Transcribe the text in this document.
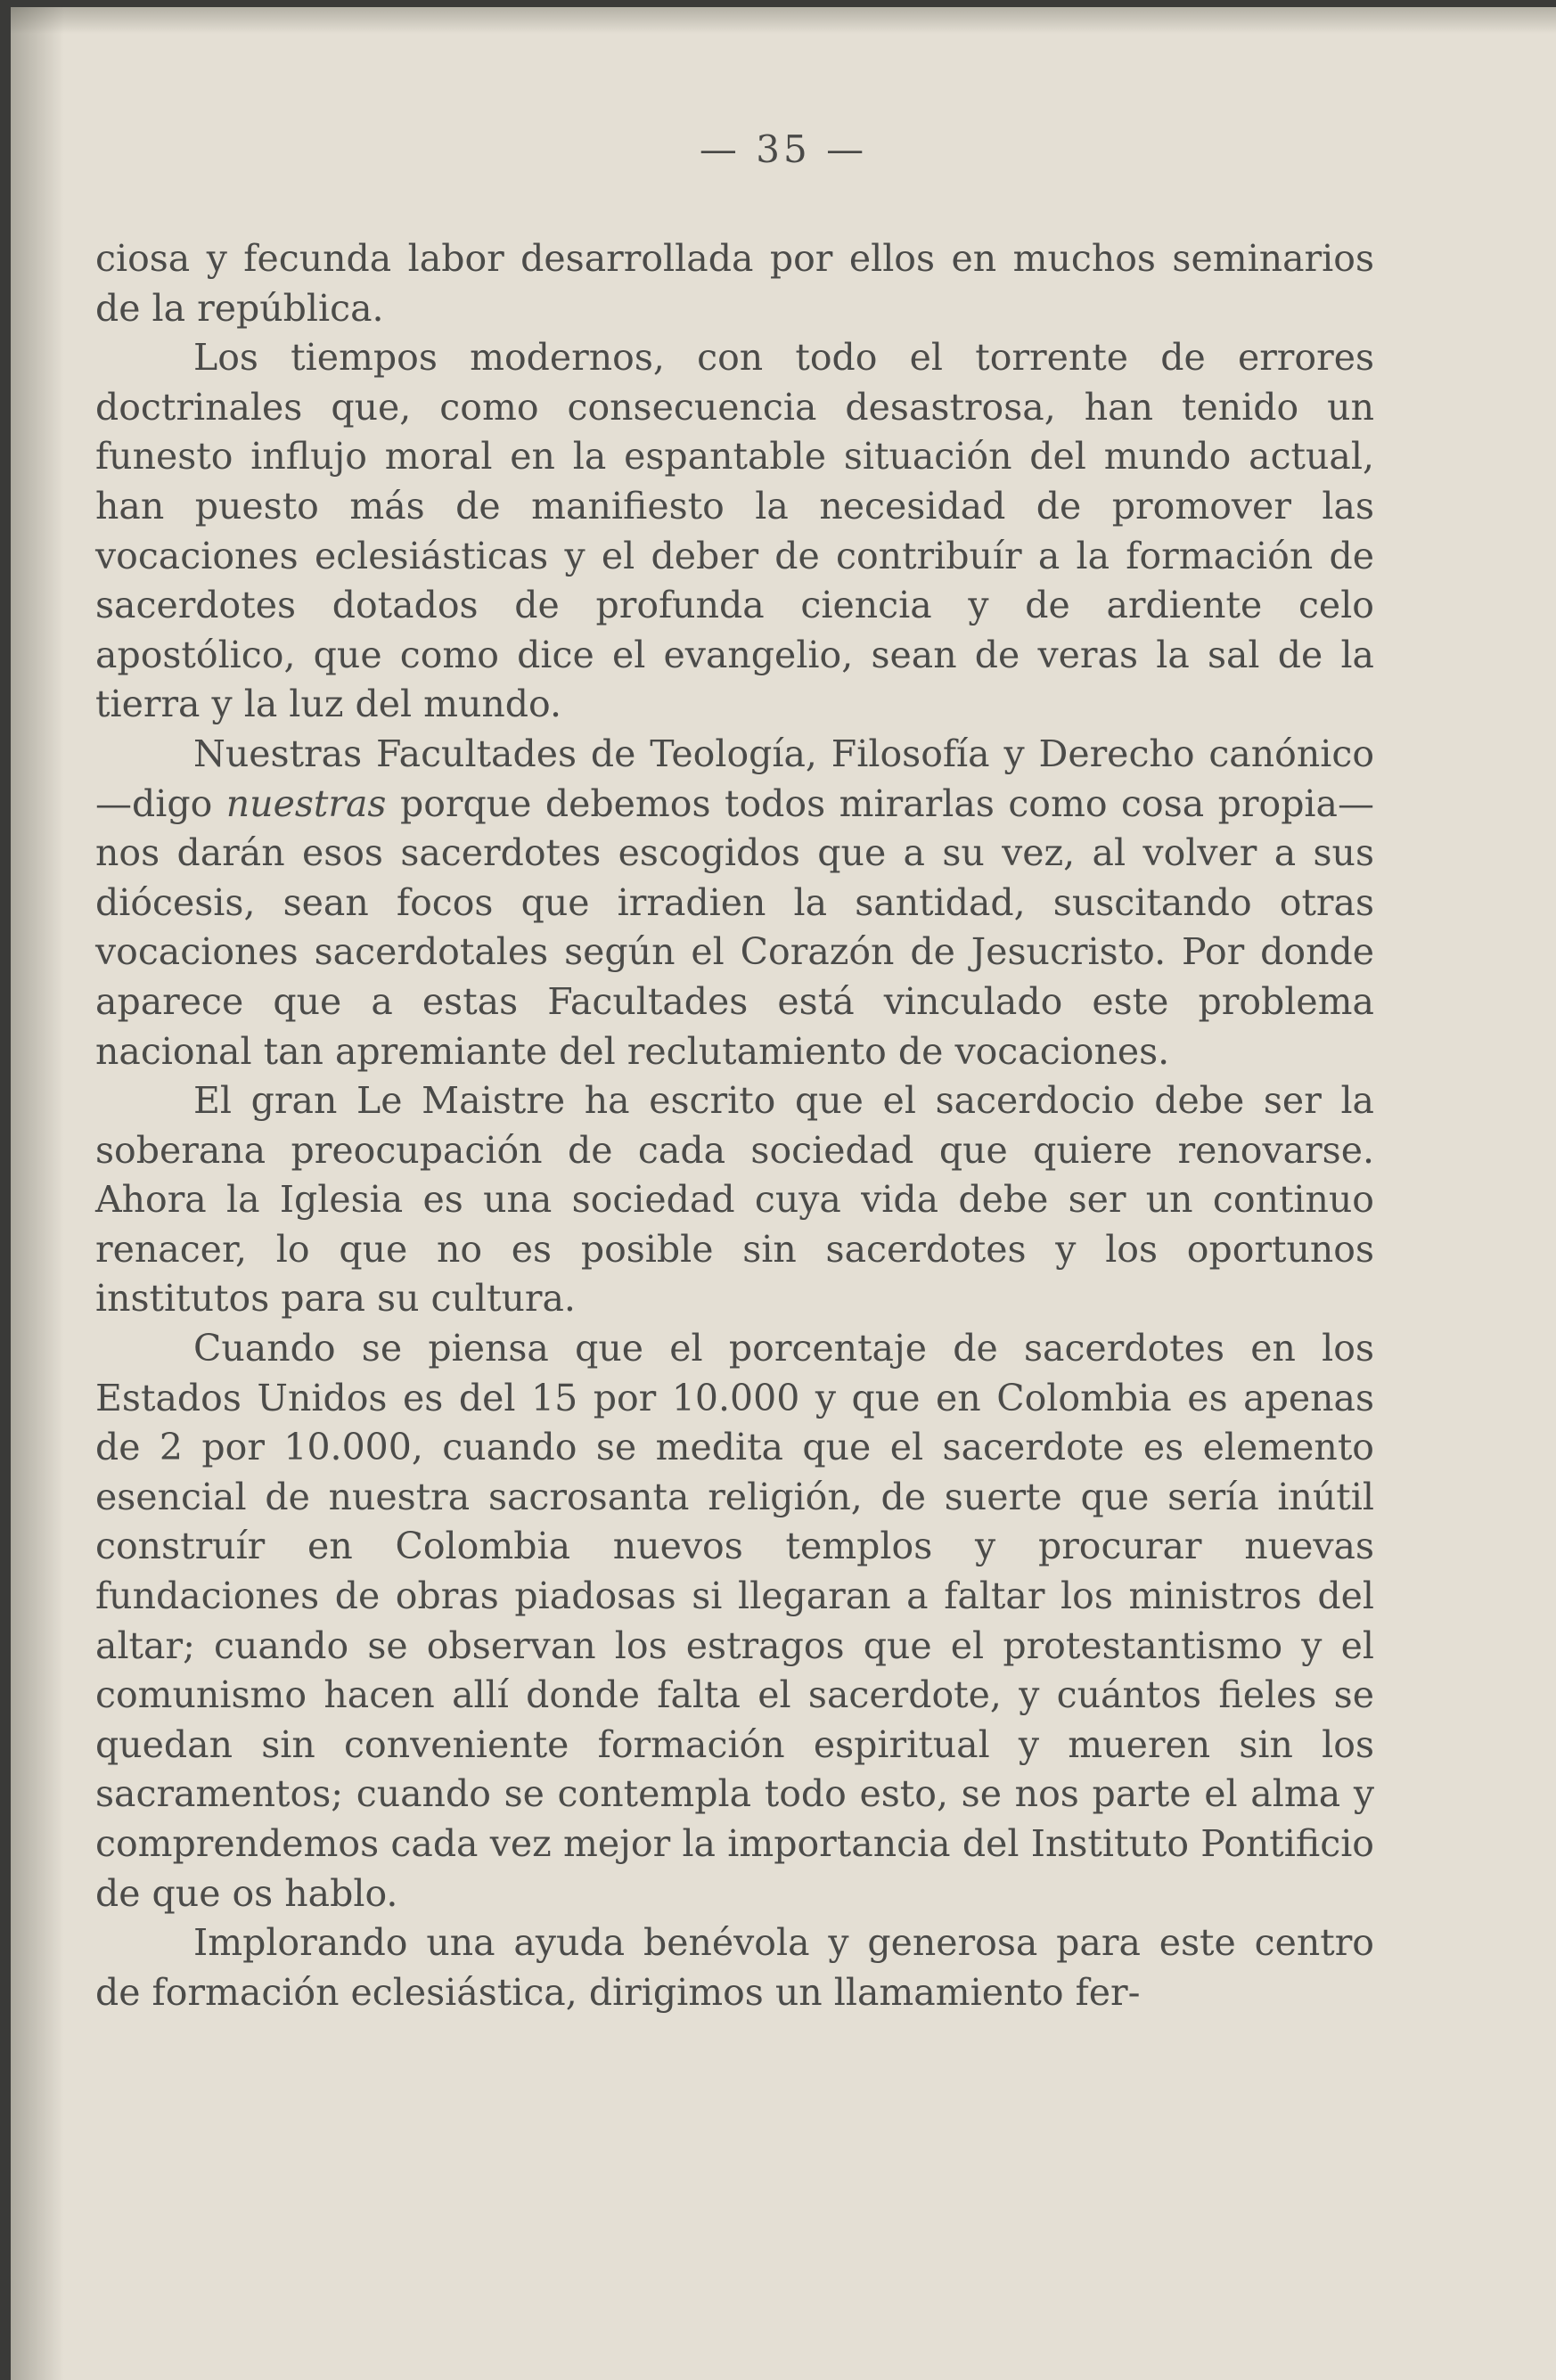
— 35 —

ciosa y fecunda labor desarrollada por ellos en muchos seminarios de la república.

Los tiempos modernos, con todo el torrente de errores doctrinales que, como consecuencia desastrosa, han tenido un funesto influjo moral en la espantable situación del mundo actual, han puesto más de manifiesto la necesidad de promover las vocaciones eclesiásticas y el deber de contribuír a la formación de sacerdotes dotados de profunda ciencia y de ardiente celo apostólico, que como dice el evangelio, sean de veras la sal de la tierra y la luz del mundo.

Nuestras Facultades de Teología, Filosofía y Derecho canónico —digo nuestras porque debemos todos mirarlas como cosa propia— nos darán esos sacerdotes escogidos que a su vez, al volver a sus diócesis, sean focos que irradien la santidad, suscitando otras vocaciones sacerdotales según el Corazón de Jesucristo. Por donde aparece que a estas Facultades está vinculado este problema nacional tan apremiante del reclutamiento de vocaciones.

El gran Le Maistre ha escrito que el sacerdocio debe ser la soberana preocupación de cada sociedad que quiere renovarse. Ahora la Iglesia es una sociedad cuya vida debe ser un continuo renacer, lo que no es posible sin sacerdotes y los oportunos institutos para su cultura.

Cuando se piensa que el porcentaje de sacerdotes en los Estados Unidos es del 15 por 10.000 y que en Colombia es apenas de 2 por 10.000, cuando se medita que el sacerdote es elemento esencial de nuestra sacrosanta religión, de suerte que sería inútil construír en Colombia nuevos templos y procurar nuevas fundaciones de obras piadosas si llegaran a faltar los ministros del altar; cuando se observan los estragos que el protestantismo y el comunismo hacen allí donde falta el sacerdote, y cuántos fieles se quedan sin conveniente formación espiritual y mueren sin los sacramentos; cuando se contempla todo esto, se nos parte el alma y comprendemos cada vez mejor la importancia del Instituto Pontificio de que os hablo.

Implorando una ayuda benévola y generosa para este centro de formación eclesiástica, dirigimos un llamamiento fer-
